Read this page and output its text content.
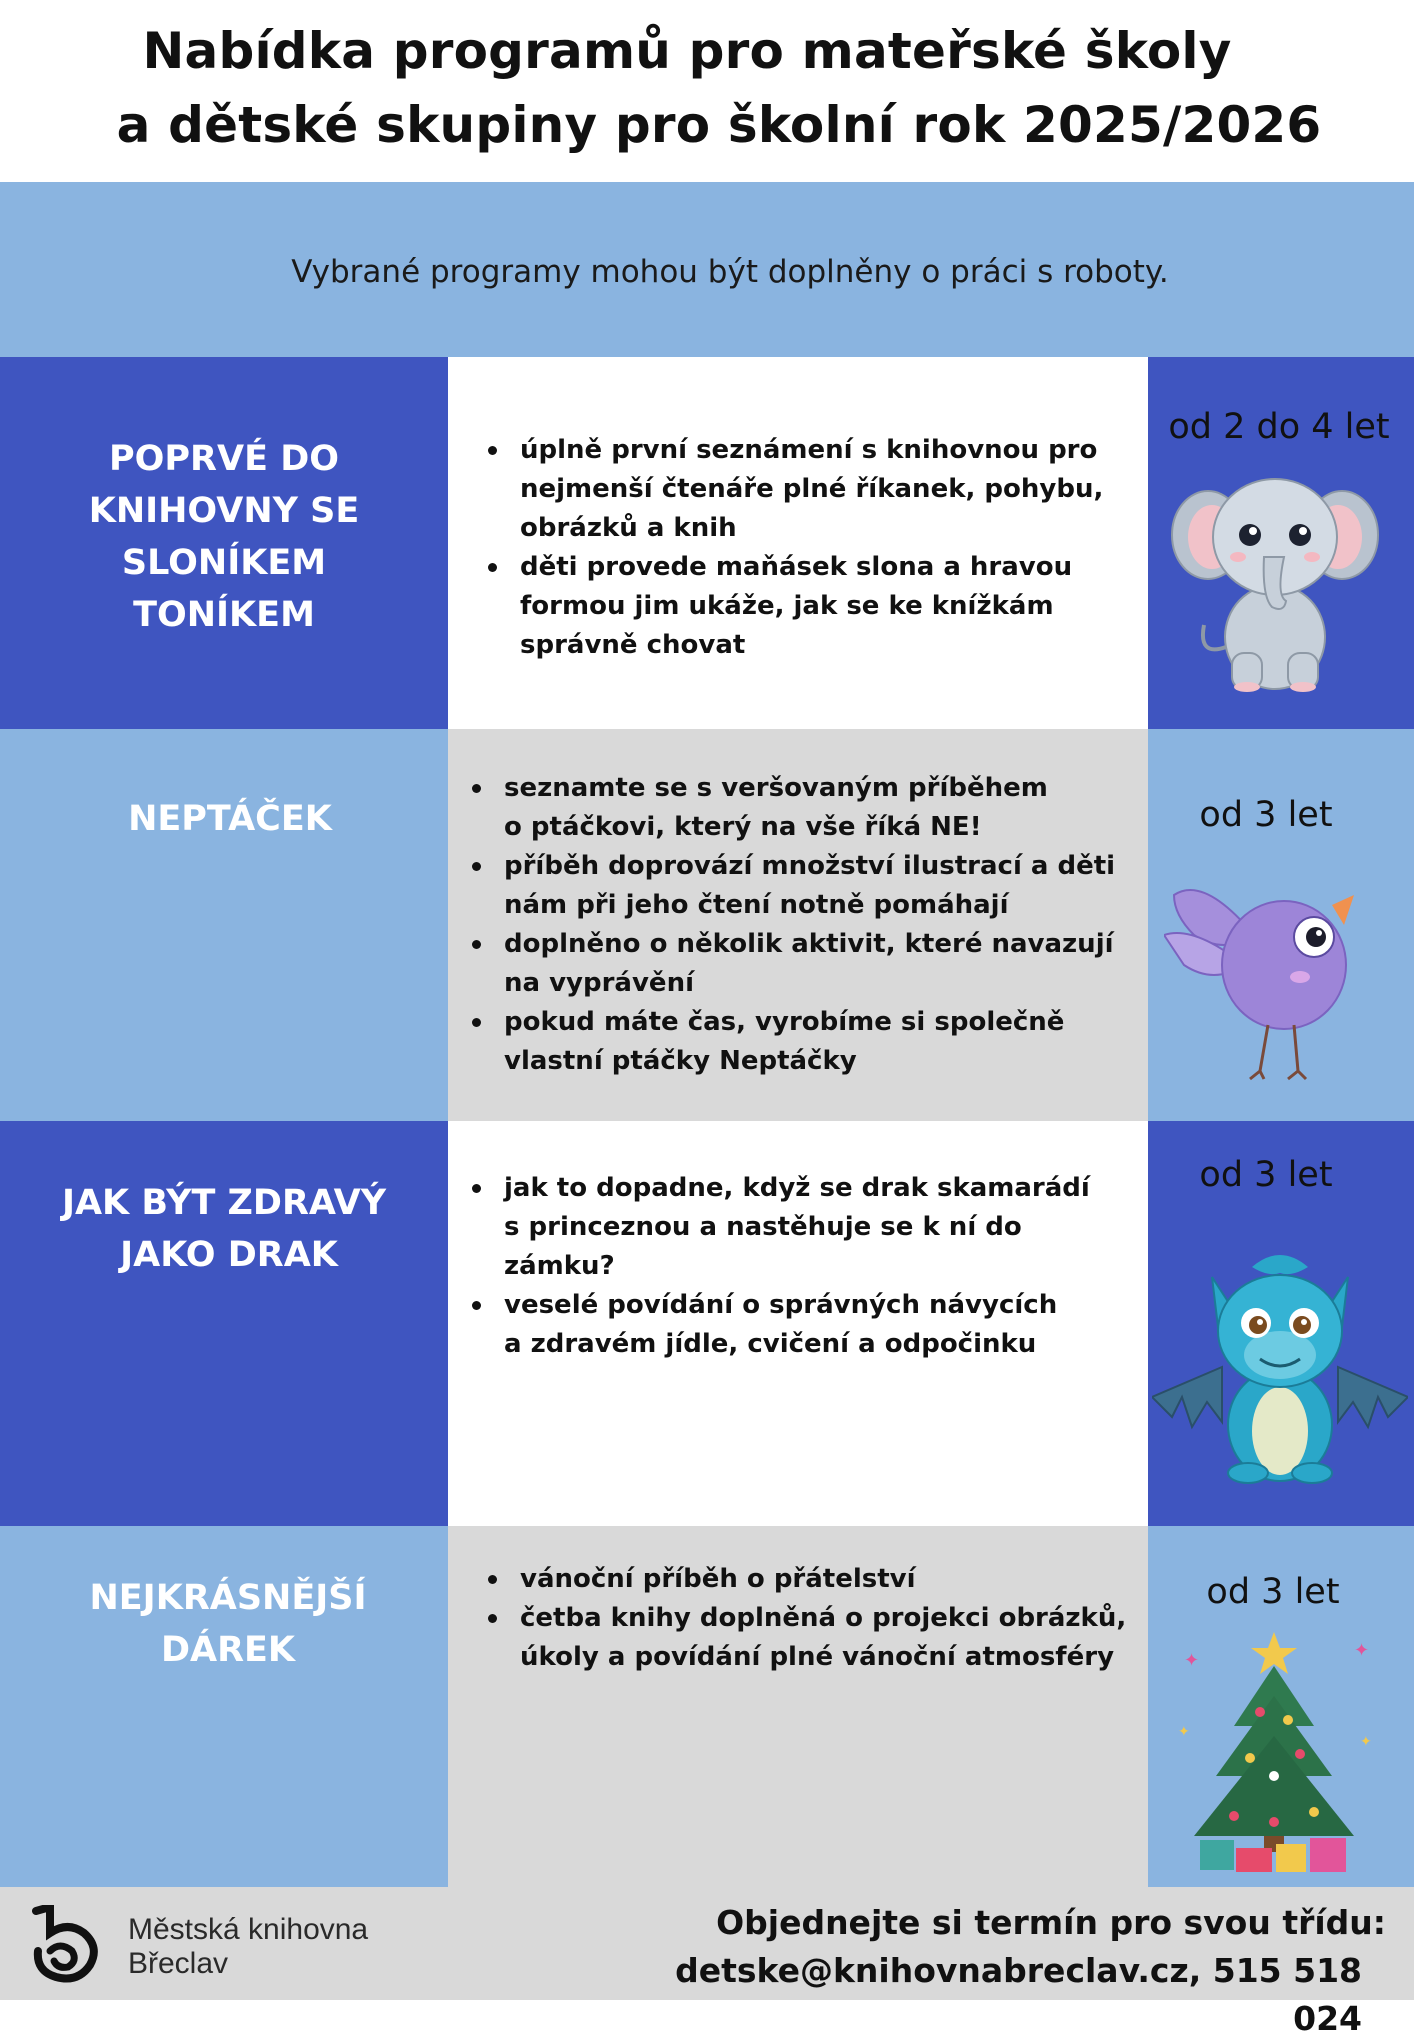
Nabídka programů pro mateřské školy
a dětské skupiny pro školní rok 2025/2026
Vybrané programy mohou být doplněny o práci s roboty.
POPRVÉ DO
KNIHOVNY SE
SLONÍKEM
TONÍKEM
úplně první seznámení s knihovnou pro
nejmenší čtenáře plné říkanek, pohybu,
obrázků a knih
děti provede maňásek slona a hravou
formou jim ukáže, jak se ke knížkám
správně chovat
od 2 do 4 let
NEPTÁČEK
seznamte se s veršovaným příběhem
o ptáčkovi, který na vše říká NE!
příběh doprovází množství ilustrací a děti
nám při jeho čtení notně pomáhají
doplněno o několik aktivit, které navazují
na vyprávění
pokud máte čas, vyrobíme si společně
vlastní ptáčky Neptáčky
od 3 let
JAK BÝT ZDRAVÝ
JAKO DRAK
jak to dopadne, když se drak skamarádí
s princeznou a nastěhuje se k ní do
zámku?
veselé povídání o správných návycích
a zdravém jídle, cvičení a odpočinku
od 3 let
NEJKRÁSNĚJŠÍ
DÁREK
vánoční příběh o přátelství
četba knihy doplněná o projekci obrázků,
úkoly a povídání plné vánoční atmosféry
od 3 let
✦	✦
✦
✦
Městská knihovna
Břeclav
Objednejte si termín pro svou třídu:
detske@knihovnabreclav.cz, 515 518 024
